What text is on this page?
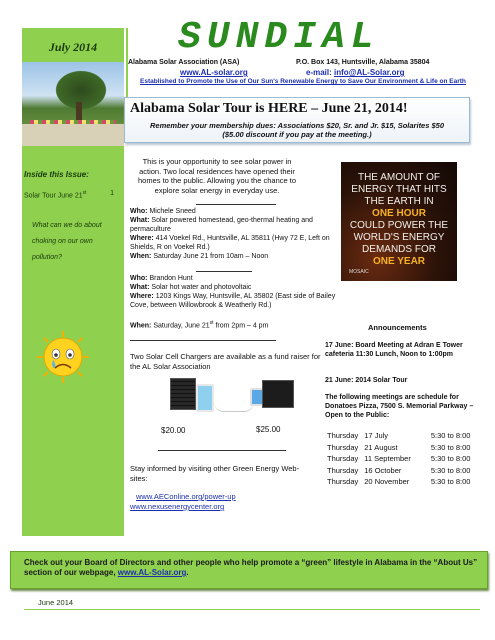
July 2014
Inside this Issue:
Solar Tour June 21st	1
What can we do about choking on our own pollution?
SUNDIAL
Alabama Solar Association (ASA)	P.O. Box 143, Huntsville, Alabama 35804
www.AL-solar.org	e-mail: info@AL-Solar.org
Established to Promote the Use of Our Sun's Renewable Energy to Save Our Environment & Life on Earth
Alabama Solar Tour is HERE – June 21, 2014!
Remember your membership dues: Associations $20, Sr. and Jr. $15, Solarites $50
($5.00 discount if you pay at the meeting.)
This is your opportunity to see solar power in action. Two local residences have opened their homes to the public. Allowing you the chance to explore solar energy in everyday use.
Who: Michele Sneed
What: Solar powered homestead, geo-thermal heating and permaculture
Where: 414 Voekel Rd., Huntsville, AL 35811 (Hwy 72 E, Left on Shields, R on Voekel Rd.)
When: Saturday June 21 from 10am – Noon
Who: Brandon Hunt
What: Solar hot water and photovoltaic
Where: 1203 Kings Way, Huntsville, AL 35802 (East side of Bailey Cove, between Willowbrook & Weatherly Rd.)
When: Saturday, June 21st from 2pm – 4 pm
Two Solar Cell Chargers are available as a fund raiser for the AL Solar Association
$20.00	$25.00
Stay informed by visiting other Green Energy Web-sites:
www.AEConline.org/power-up
www.nexusenergycenter.org
THE AMOUNT OF
ENERGY THAT HITS
THE EARTH IN
ONE HOUR
COULD POWER THE
WORLD'S ENERGY
DEMANDS FOR
ONE YEAR
MOSAIC
Announcements
17 June: Board Meeting at Adran E Tower cafeteria 11:30 Lunch, Noon to 1:00pm
21 June: 2014 Solar Tour
The following meetings are schedule for Donatoes Pizza, 7500 S. Memorial Parkway – Open to the Public:
Thursday	17 July	5:30 to 8:00
Thursday	21 August	5:30 to 8:00
Thursday	11 September	5:30 to 8:00
Thursday	16 October	5:30 to 8:00
Thursday	20 November	5:30 to 8:00
Check out your Board of Directors and other people who help promote a “green” lifestyle in Alabama in the “About Us” section of our webpage, www.AL-Solar.org.
June 2014
